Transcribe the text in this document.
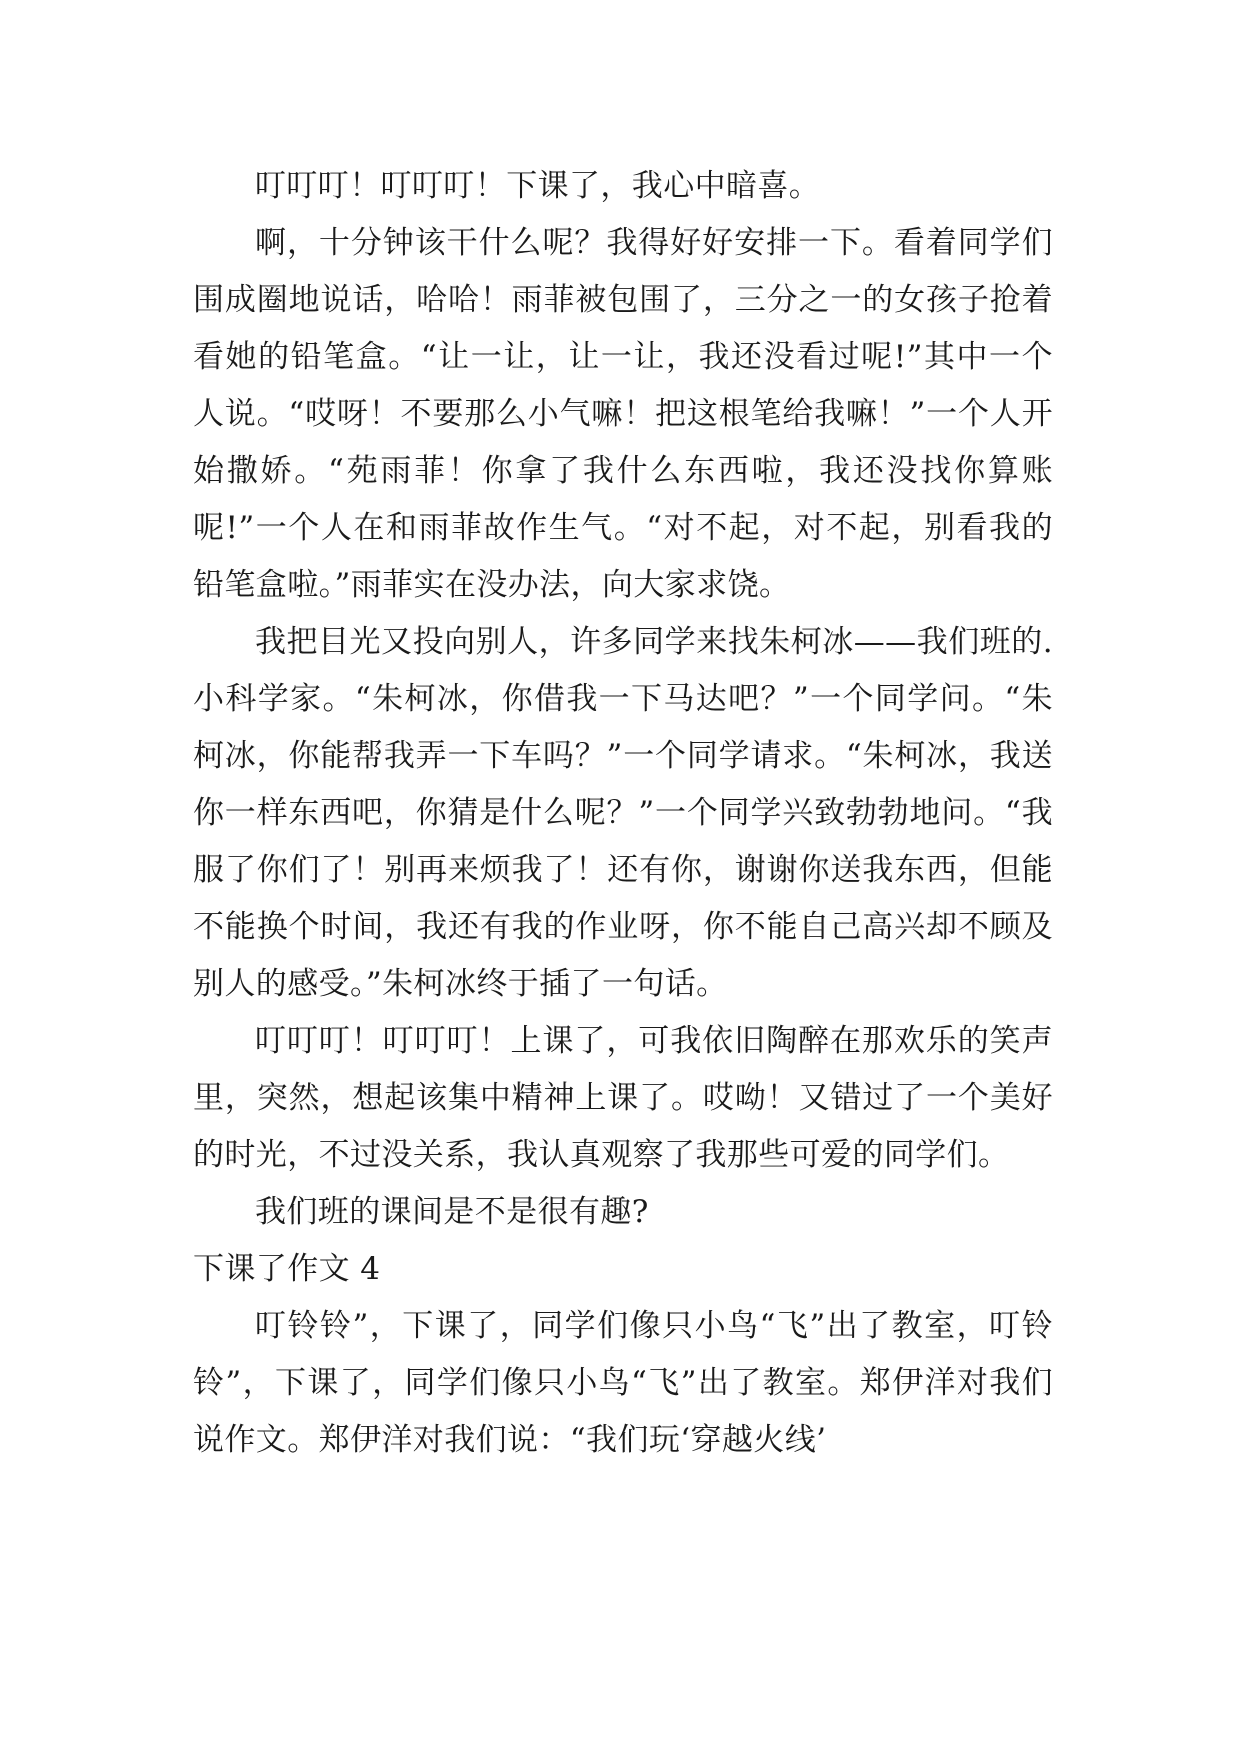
叮叮叮！叮叮叮！下课了，我心中暗喜。

啊，十分钟该干什么呢？我得好好安排一下。看着同学们围成圈地说话，哈哈！雨菲被包围了，三分之一的女孩子抢着看她的铅笔盒。“让一让，让一让，我还没看过呢!”其中一个人说。“哎呀！不要那么小气嘛！把这根笔给我嘛！”一个人开始撒娇。“苑雨菲！你拿了我什么东西啦，我还没找你算账呢!”一个人在和雨菲故作生气。“对不起，对不起，别看我的铅笔盒啦。”雨菲实在没办法，向大家求饶。

我把目光又投向别人，许多同学来找朱柯冰——我们班的.小科学家。“朱柯冰，你借我一下马达吧？”一个同学问。“朱柯冰，你能帮我弄一下车吗？”一个同学请求。“朱柯冰，我送你一样东西吧，你猜是什么呢？”一个同学兴致勃勃地问。“我服了你们了！别再来烦我了！还有你，谢谢你送我东西，但能不能换个时间，我还有我的作业呀，你不能自己高兴却不顾及别人的感受。”朱柯冰终于插了一句话。

叮叮叮！叮叮叮！上课了，可我依旧陶醉在那欢乐的笑声里，突然，想起该集中精神上课了。哎呦！又错过了一个美好的时光，不过没关系，我认真观察了我那些可爱的同学们。

我们班的课间是不是很有趣?

下课了作文 4

叮铃铃”，下课了，同学们像只小鸟“飞”出了教室，叮铃铃”，下课了，同学们像只小鸟“飞”出了教室。郑伊洋对我们说作文。郑伊洋对我们说：“我们玩‘穿越火线’
